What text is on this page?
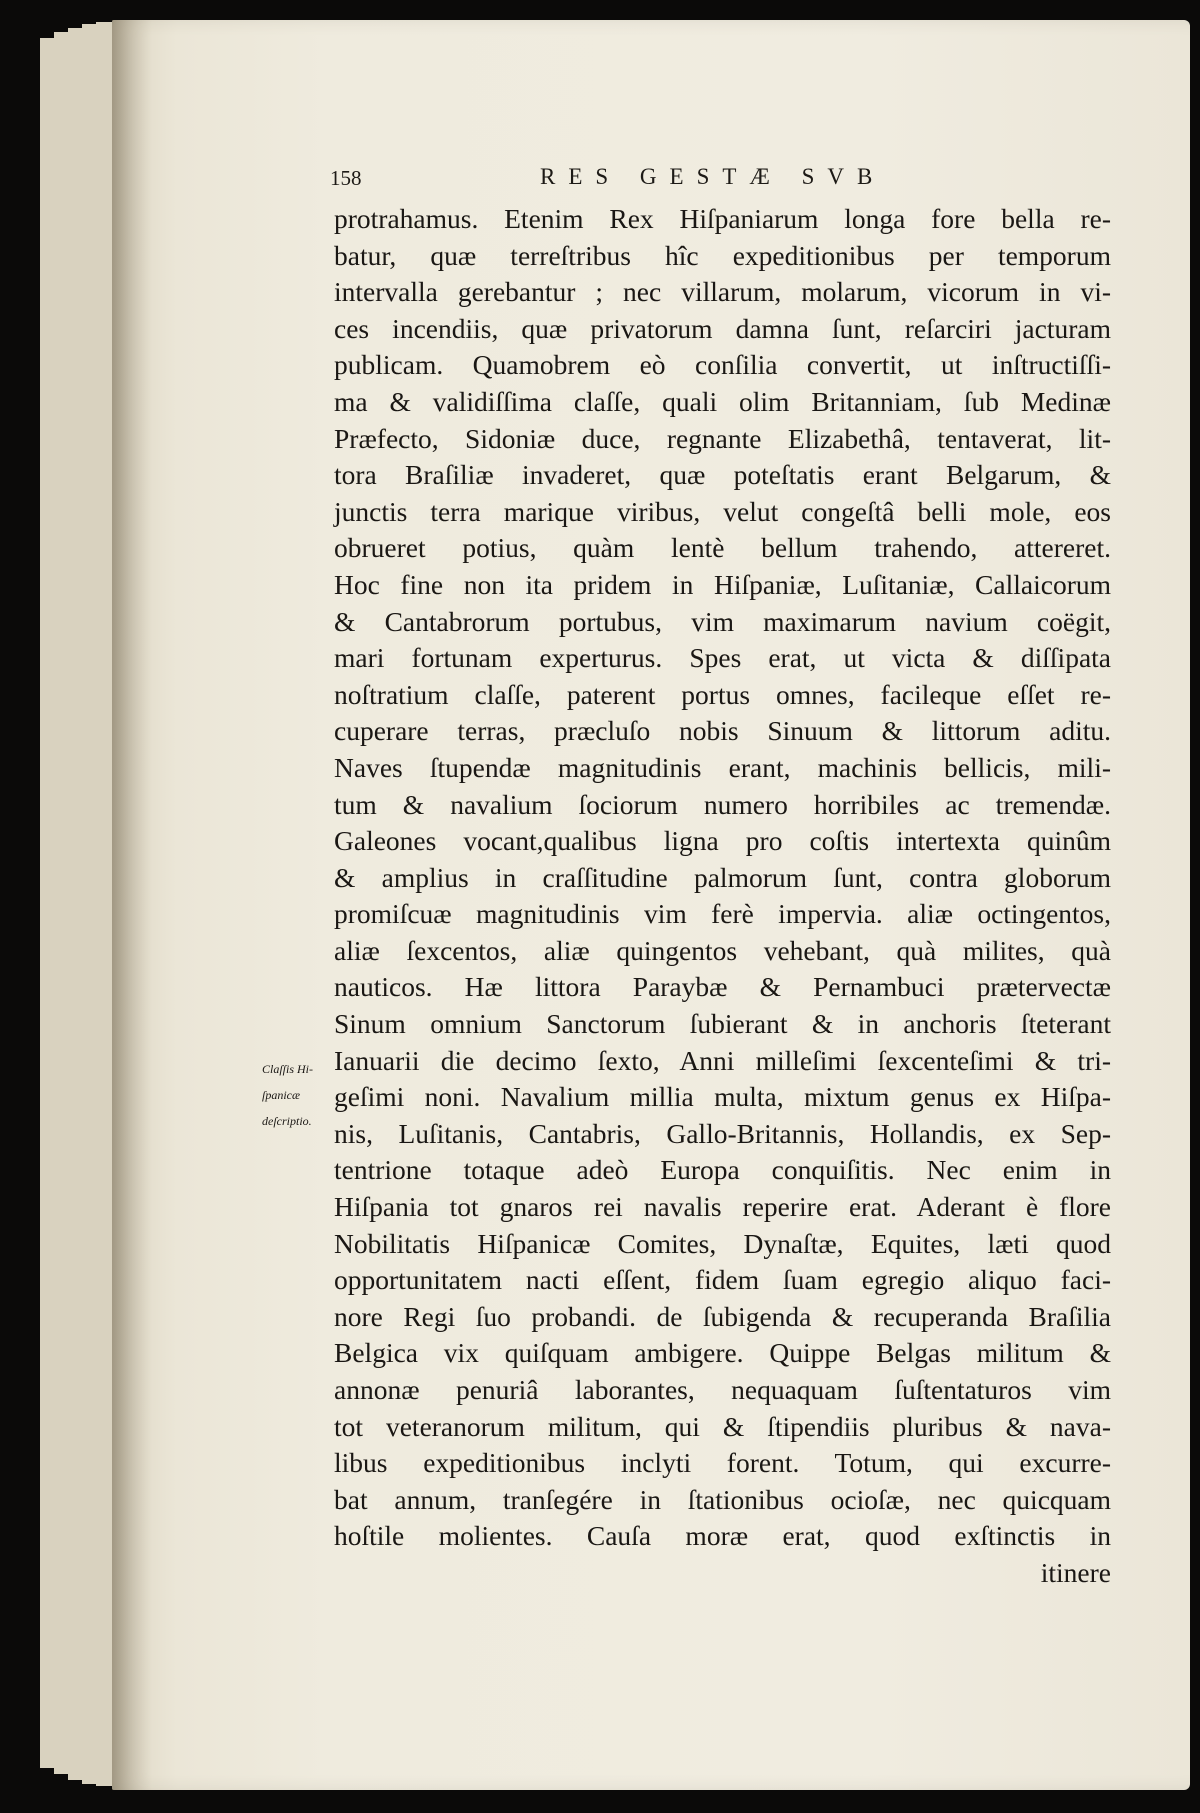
158	RES GESTÆ SVB
protrahamus. Etenim Rex Hiſpaniarum longa fore bella re-
batur, quæ terreſtribus hîc expeditionibus per temporum
intervalla gerebantur ; nec villarum, molarum, vicorum in vi-
ces incendiis, quæ privatorum damna ſunt, reſarciri jacturam
publicam. Quamobrem eò conſilia convertit, ut inſtructiſſi-
ma & validiſſima claſſe, quali olim Britanniam, ſub Medinæ
Præfecto, Sidoniæ duce, regnante Elizabethâ, tentaverat, lit-
tora Braſiliæ invaderet, quæ poteſtatis erant Belgarum, &
junctis terra marique viribus, velut congeſtâ belli mole, eos
obrueret potius, quàm lentè bellum trahendo, attereret.
Hoc fine non ita pridem in Hiſpaniæ, Luſitaniæ, Callaicorum
& Cantabrorum portubus, vim maximarum navium coëgit,
mari fortunam experturus. Spes erat, ut victa & diſſipata
noſtratium claſſe, paterent portus omnes, facileque eſſet re-
cuperare terras, præcluſo nobis Sinuum & littorum aditu.
Naves ſtupendæ magnitudinis erant, machinis bellicis, mili-
tum & navalium ſociorum numero horribiles ac tremendæ.
Galeones vocant,qualibus ligna pro coſtis intertexta quinûm
& amplius in craſſitudine palmorum ſunt, contra globorum
promiſcuæ magnitudinis vim ferè impervia. aliæ octingentos,
aliæ ſexcentos, aliæ quingentos vehebant, quà milites, quà
nauticos. Hæ littora Paraybæ & Pernambuci prætervectæ
Sinum omnium Sanctorum ſubierant & in anchoris ſteterant
Ianuarii die decimo ſexto, Anni milleſimi ſexcenteſimi & tri-
geſimi noni. Navalium millia multa, mixtum genus ex Hiſpa-
nis, Luſitanis, Cantabris, Gallo-Britannis, Hollandis, ex Sep-
tentrione totaque adeò Europa conquiſitis. Nec enim in
Hiſpania tot gnaros rei navalis reperire erat. Aderant è flore
Nobilitatis Hiſpanicæ Comites, Dynaſtæ, Equites, læti quod
opportunitatem nacti eſſent, fidem ſuam egregio aliquo faci-
nore Regi ſuo probandi. de ſubigenda & recuperanda Braſilia
Belgica vix quiſquam ambigere. Quippe Belgas militum &
annonæ penuriâ laborantes, nequaquam ſuſtentaturos vim
tot veteranorum militum, qui & ſtipendiis pluribus & nava-
libus expeditionibus inclyti forent. Totum, qui excurre-
bat annum, tranſegére in ſtationibus ocioſæ, nec quicquam
hoſtile molientes. Cauſa moræ erat, quod exſtinctis in
itinere
Claſſis Hi-
ſpanicæ
deſcriptio.
